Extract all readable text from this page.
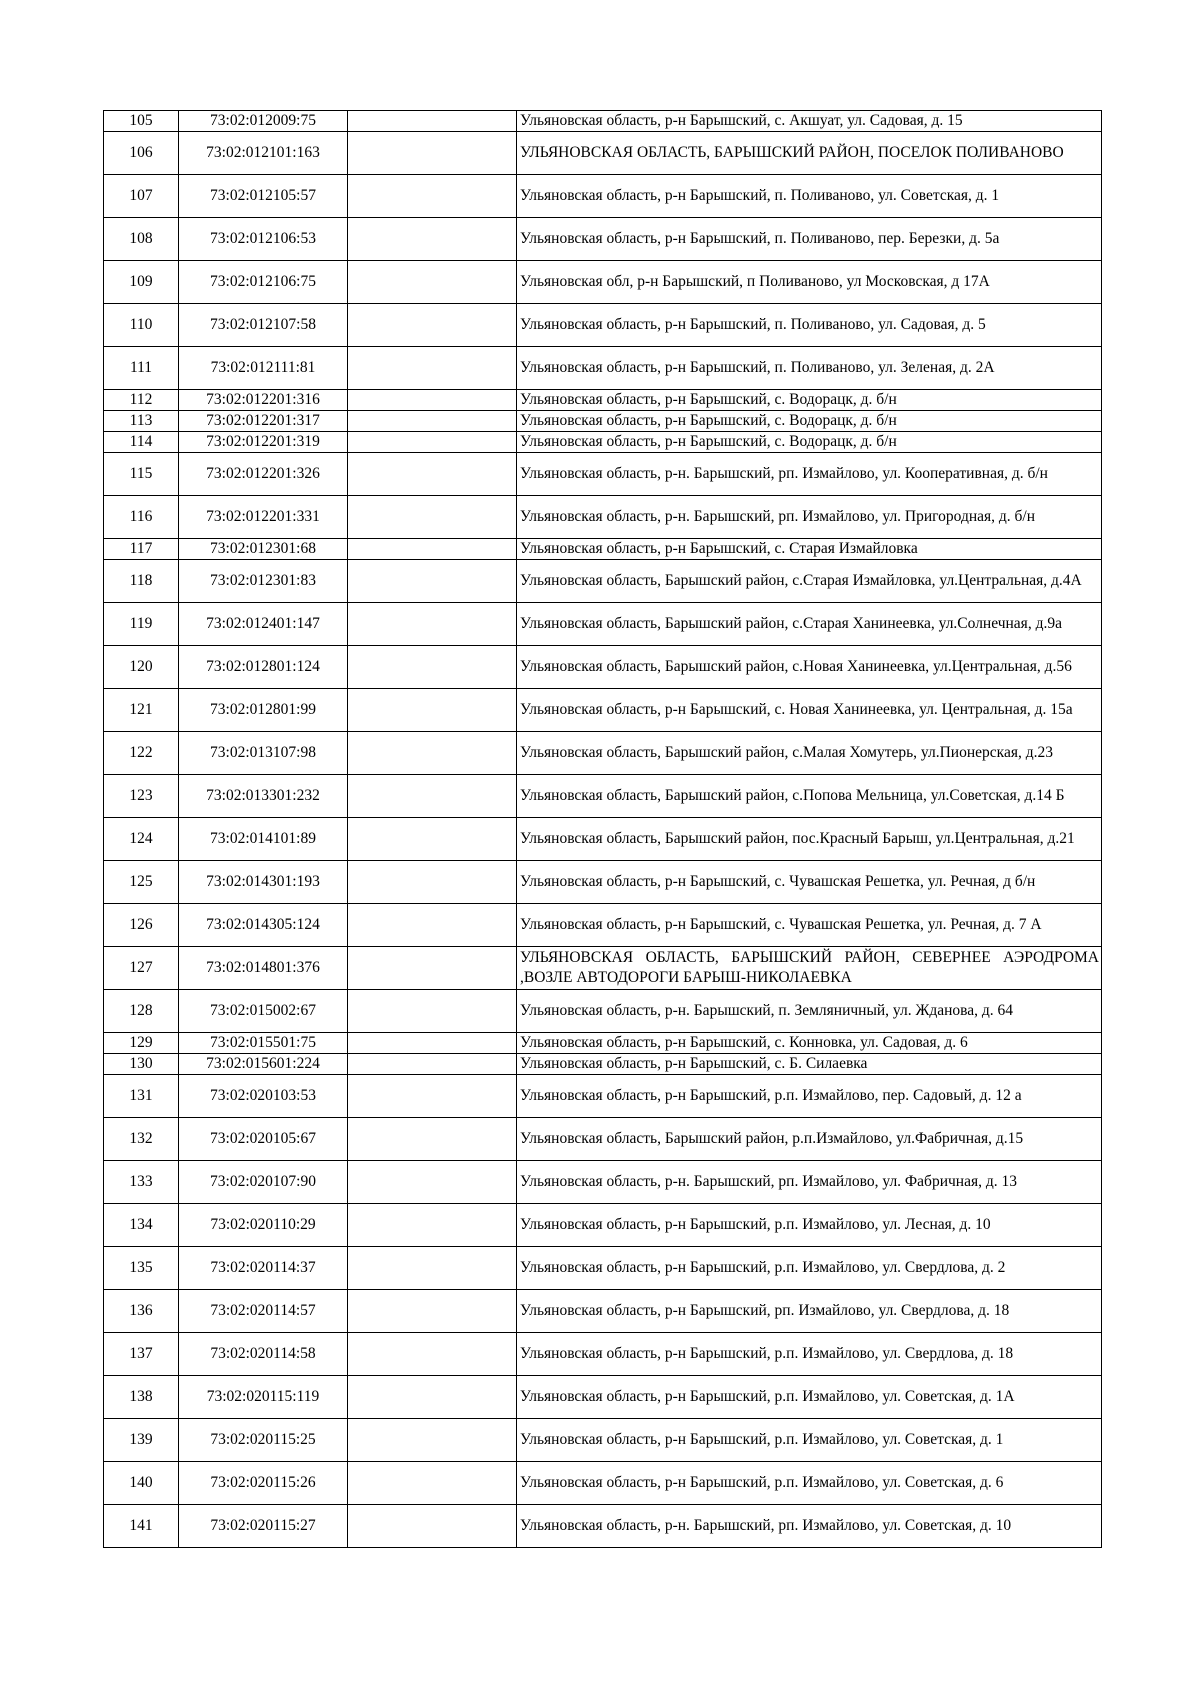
105	73:02:012009:75		Ульяновская область, р-н Барышский, с. Акшуат, ул. Садовая, д. 15
106	73:02:012101:163		УЛЬЯНОВСКАЯ ОБЛАСТЬ, БАРЫШСКИЙ РАЙОН, ПОСЕЛОК ПОЛИВАНОВО
107	73:02:012105:57		Ульяновская область, р-н Барышский, п. Поливаново, ул. Советская, д. 1
108	73:02:012106:53		Ульяновская область, р-н Барышский, п. Поливаново, пер. Березки, д. 5а
109	73:02:012106:75		Ульяновская обл, р-н Барышский, п Поливаново, ул Московская, д 17А
110	73:02:012107:58		Ульяновская область, р-н Барышский, п. Поливаново, ул. Садовая, д. 5
111	73:02:012111:81		Ульяновская область, р-н Барышский, п. Поливаново, ул. Зеленая, д. 2А
112	73:02:012201:316		Ульяновская область, р-н Барышский, с. Водорацк, д. б/н
113	73:02:012201:317		Ульяновская область, р-н Барышский, с. Водорацк, д. б/н
114	73:02:012201:319		Ульяновская область, р-н Барышский, с. Водорацк, д. б/н
115	73:02:012201:326		Ульяновская область, р-н. Барышский, рп. Измайлово, ул. Кооперативная, д. б/н
116	73:02:012201:331		Ульяновская область, р-н. Барышский, рп. Измайлово, ул. Пригородная, д. б/н
117	73:02:012301:68		Ульяновская область, р-н Барышский, с. Старая Измайловка
118	73:02:012301:83		Ульяновская область, Барышский район, с.Старая Измайловка, ул.Центральная, д.4А
119	73:02:012401:147		Ульяновская область, Барышский район, с.Старая Ханинеевка, ул.Солнечная, д.9а
120	73:02:012801:124		Ульяновская область, Барышский район, с.Новая Ханинеевка, ул.Центральная, д.56
121	73:02:012801:99		Ульяновская область, р-н Барышский, с. Новая Ханинеевка, ул. Центральная, д. 15а
122	73:02:013107:98		Ульяновская область, Барышский район, с.Малая Хомутерь, ул.Пионерская, д.23
123	73:02:013301:232		Ульяновская область, Барышский район, с.Попова Мельница, ул.Советская, д.14 Б
124	73:02:014101:89		Ульяновская область, Барышский район, пос.Красный Барыш, ул.Центральная, д.21
125	73:02:014301:193		Ульяновская область, р-н Барышский, с. Чувашская Решетка, ул. Речная, д б/н
126	73:02:014305:124		Ульяновская область, р-н Барышский, с. Чувашская Решетка, ул. Речная, д. 7 А
127	73:02:014801:376		УЛЬЯНОВСКАЯ ОБЛАСТЬ, БАРЫШСКИЙ РАЙОН, СЕВЕРНЕЕ АЭРОДРОМА ,ВОЗЛЕ АВТОДОРОГИ БАРЫШ-НИКОЛАЕВКА
128	73:02:015002:67		Ульяновская область, р-н. Барышский, п. Земляничный, ул. Жданова, д. 64
129	73:02:015501:75		Ульяновская область, р-н Барышский, с. Конновка, ул. Садовая, д. 6
130	73:02:015601:224		Ульяновская область, р-н Барышский, с. Б. Силаевка
131	73:02:020103:53		Ульяновская область, р-н Барышский, р.п. Измайлово, пер. Садовый, д. 12 а
132	73:02:020105:67		Ульяновская область, Барышский район, р.п.Измайлово, ул.Фабричная, д.15
133	73:02:020107:90		Ульяновская область, р-н. Барышский, рп. Измайлово, ул. Фабричная, д. 13
134	73:02:020110:29		Ульяновская область, р-н Барышский, р.п. Измайлово, ул. Лесная, д. 10
135	73:02:020114:37		Ульяновская область, р-н Барышский, р.п. Измайлово, ул. Свердлова, д. 2
136	73:02:020114:57		Ульяновская область, р-н Барышский, рп. Измайлово, ул. Свердлова, д. 18
137	73:02:020114:58		Ульяновская область, р-н Барышский, р.п. Измайлово, ул. Свердлова, д. 18
138	73:02:020115:119		Ульяновская область, р-н Барышский, р.п. Измайлово, ул. Советская, д. 1А
139	73:02:020115:25		Ульяновская область, р-н Барышский, р.п. Измайлово, ул. Советская, д. 1
140	73:02:020115:26		Ульяновская область, р-н Барышский, р.п. Измайлово, ул. Советская, д. 6
141	73:02:020115:27		Ульяновская область, р-н. Барышский, рп. Измайлово, ул. Советская, д. 10
